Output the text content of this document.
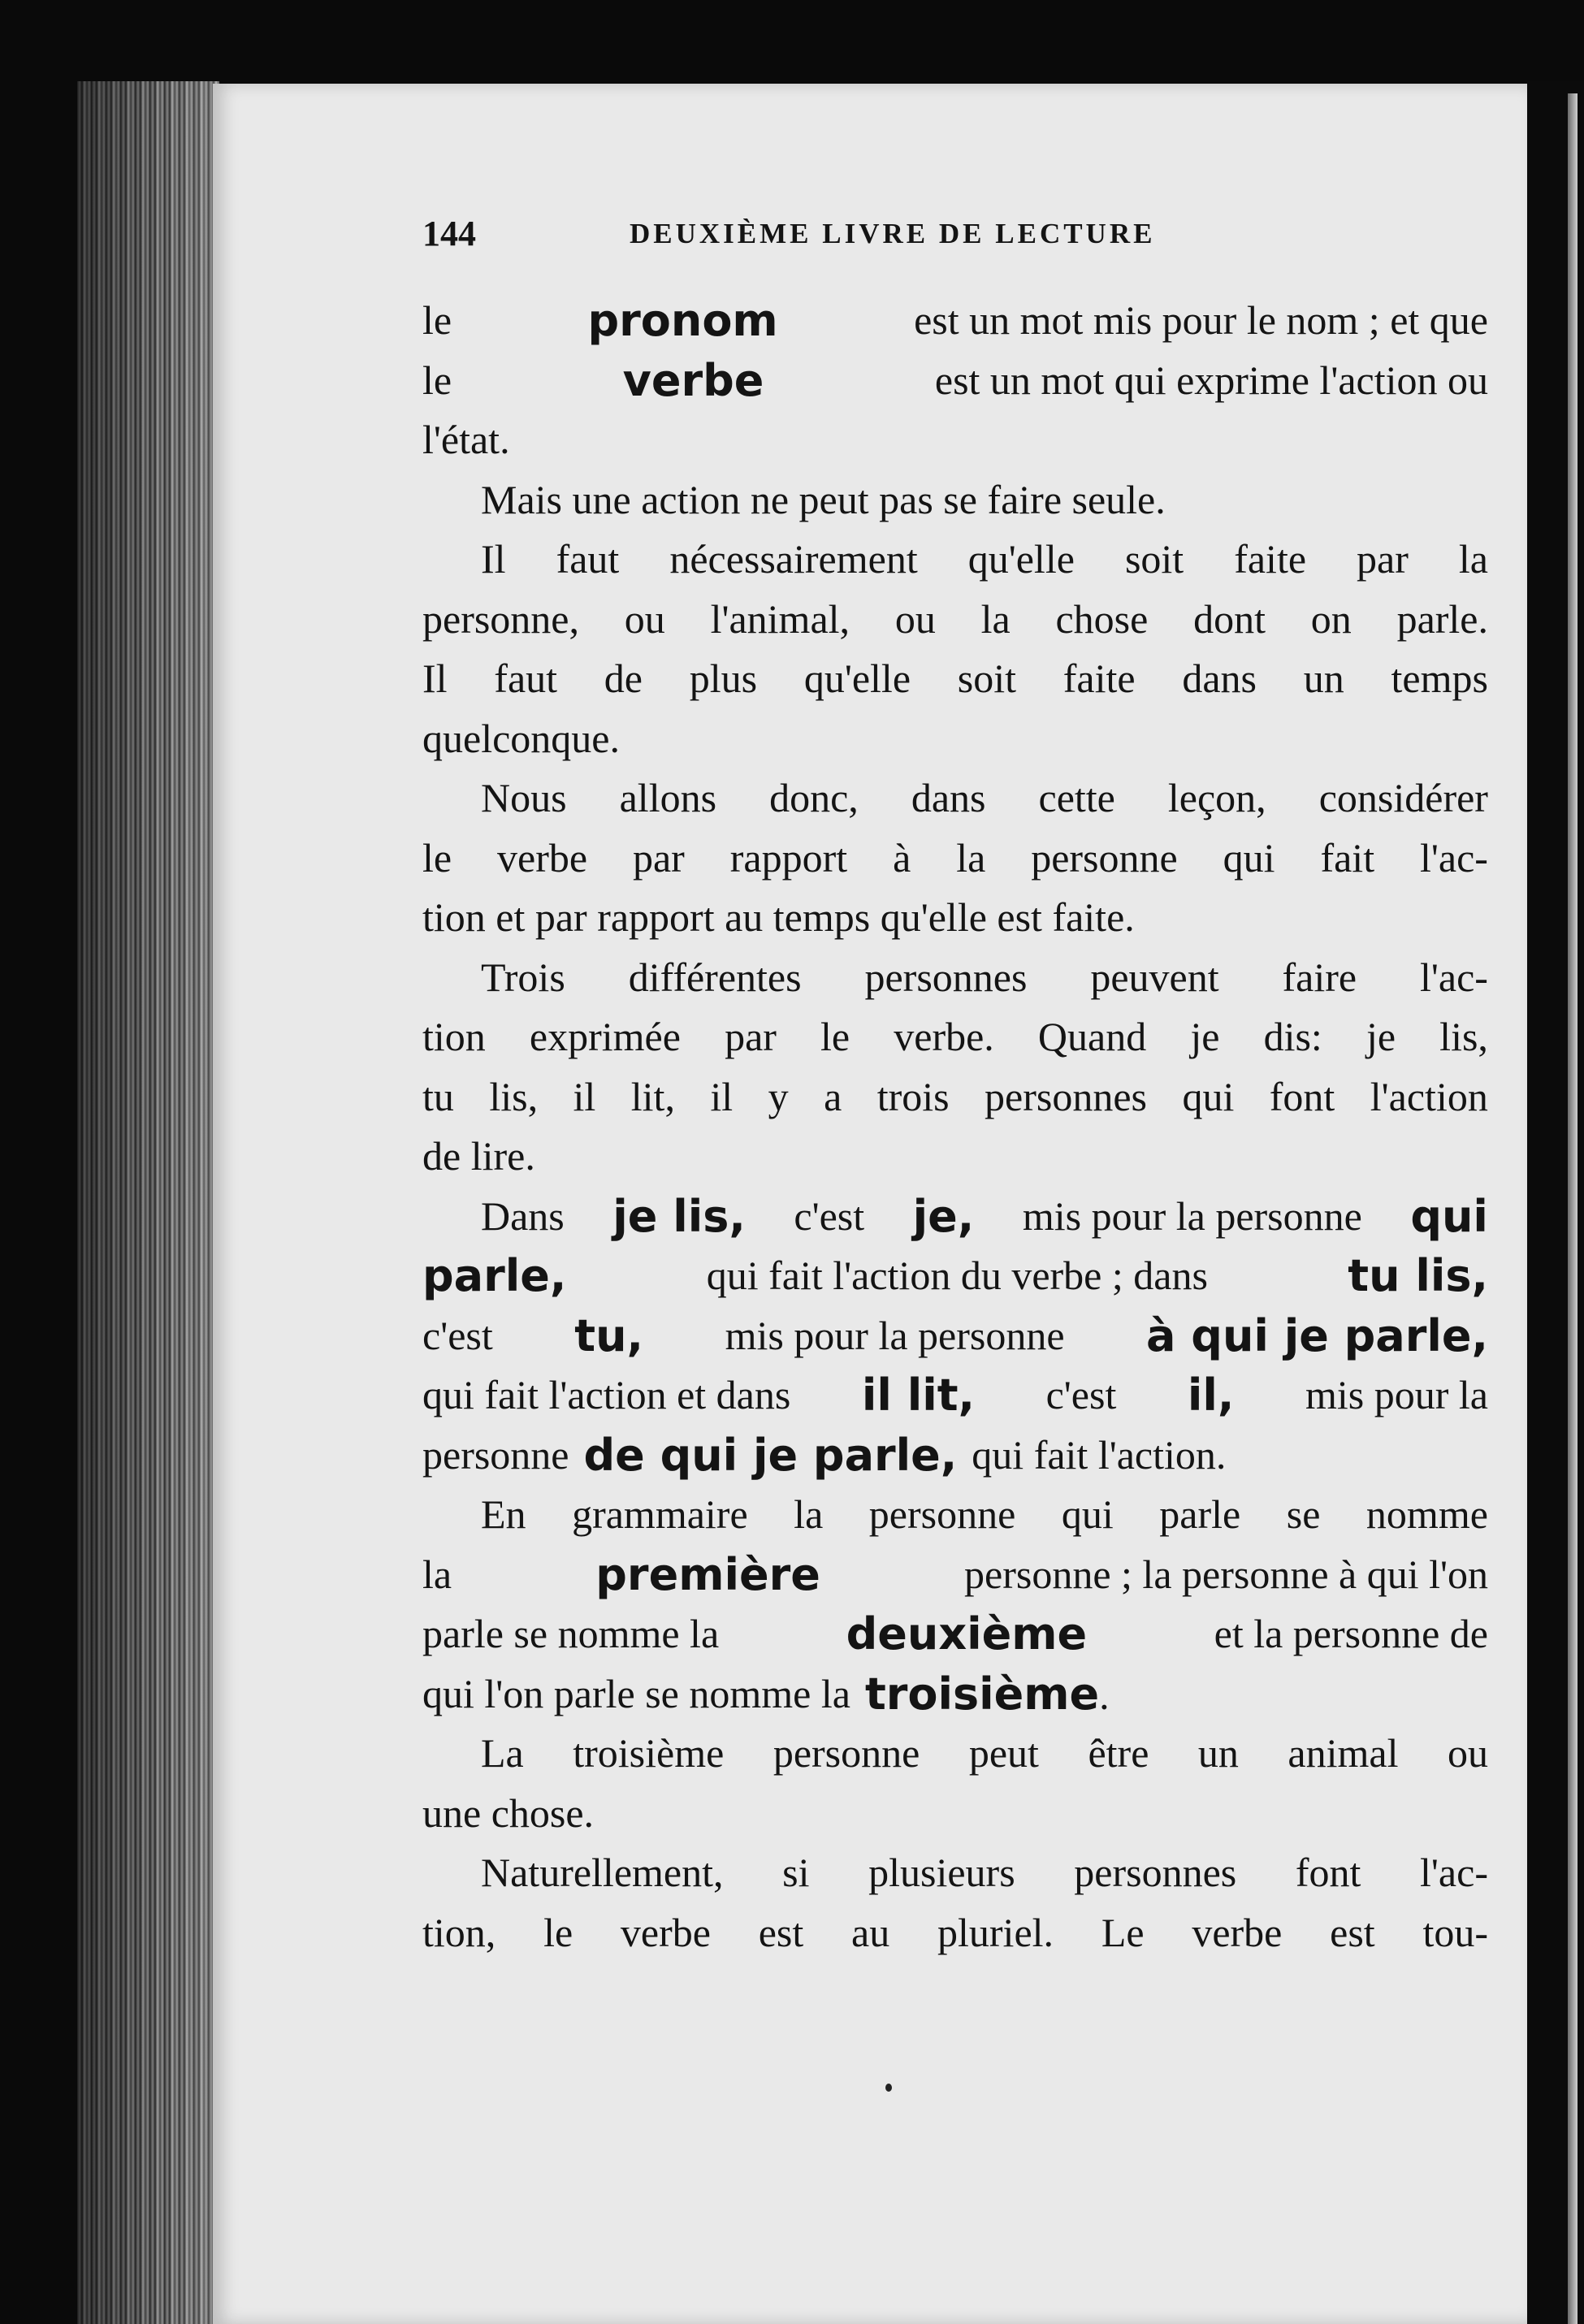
144	DEUXIÈME LIVRE DE LECTURE
le	pronom	est un mot mis pour le nom ; et que
le	verbe	est un mot qui exprime l'action ou
l'état.
Mais une action ne peut pas se faire seule.
Il faut nécessairement qu'elle soit faite par la
personne, ou l'animal, ou la chose dont on parle.
Il faut de plus qu'elle soit faite dans un temps
quelconque.
Nous allons donc, dans cette leçon, considérer
le verbe par rapport à la personne qui fait l'ac-
tion et par rapport au temps qu'elle est faite.
Trois différentes personnes peuvent faire l'ac-
tion exprimée par le verbe. Quand je dis: je lis,
tu lis, il lit, il y a trois personnes qui font l'action
de lire.
Dans je lis, c'est je, mis pour la personne qui
parle,	qui fait l'action du verbe ; dans	tu lis,
c'est tu, mis pour la personne à qui je parle,
qui fait l'action et dans il lit, c'est il, mis pour la
personne de qui je parle, qui fait l'action.
En grammaire la personne qui parle se nomme
la	première	personne ; la personne à qui l'on
parle se nomme la	deuxième	et la personne de
qui l'on parle se nomme la troisième.
La troisième personne peut être un animal ou
une chose.
Naturellement, si plusieurs personnes font l'ac-
tion, le verbe est au pluriel. Le verbe est tou-
